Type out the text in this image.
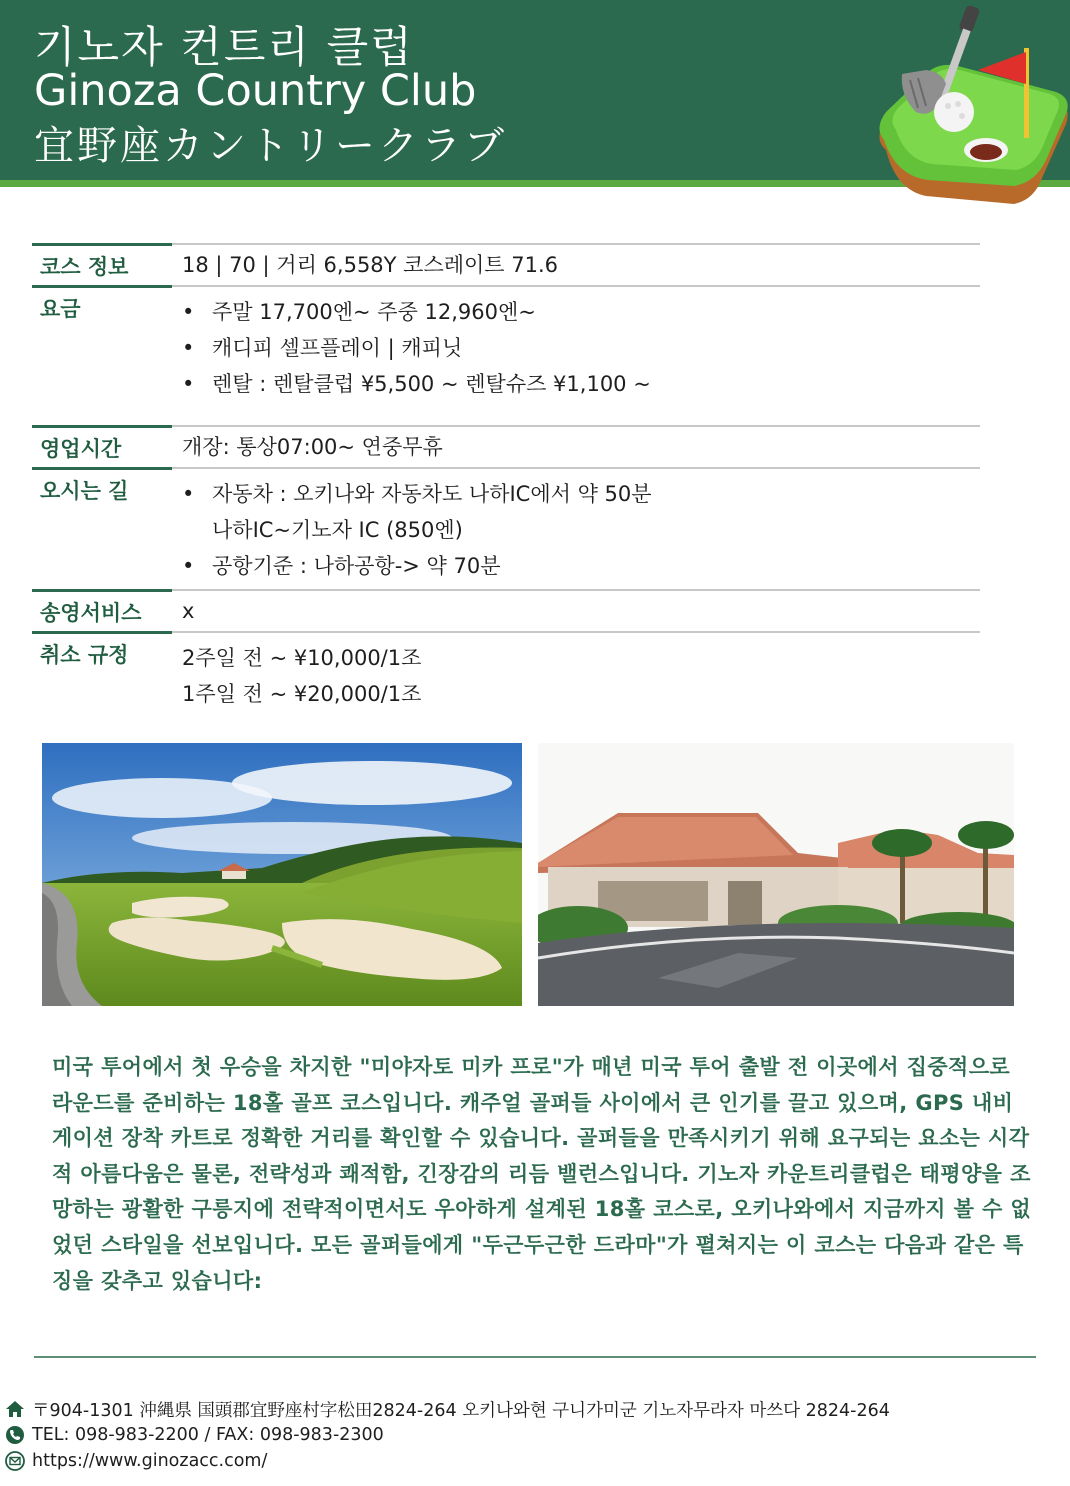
기노자 컨트리 클럽
Ginoza Country Club
宜野座カントリークラブ
코스 정보	18 | 70 | 거리 6,558Y 코스레이트 71.6
요금	• 주말 17,700엔~ 주중 12,960엔~
• 캐디피 셀프플레이 | 캐피닛
• 렌탈 : 렌탈클럽 ¥5,500 ~ 렌탈슈즈 ¥1,100 ~
영업시간	개장: 통상07:00~ 연중무휴
오시는 길	• 자동차 : 오키나와 자동차도 나하IC에서 약 50분
나하IC~기노자 IC (850엔)
• 공항기준 : 나하공항-> 약 70분
송영서비스	x
취소 규정	2주일 전 ~ ¥10,000/1조
1주일 전 ~ ¥20,000/1조
미국 투어에서 첫 우승을 차지한 "미야자토 미카 프로"가 매년 미국 투어 출발 전 이곳에서 집중적으로 라운드를 준비하는 18홀 골프 코스입니다. 캐주얼 골퍼들 사이에서 큰 인기를 끌고 있으며, GPS 내비게이션 장착 카트로 정확한 거리를 확인할 수 있습니다. 골퍼들을 만족시키기 위해 요구되는 요소는 시각적 아름다움은 물론, 전략성과 쾌적함, 긴장감의 리듬 밸런스입니다. 기노자 카운트리클럽은 태평양을 조망하는 광활한 구릉지에 전략적이면서도 우아하게 설계된 18홀 코스로, 오키나와에서 지금까지 볼 수 없었던 스타일을 선보입니다. 모든 골퍼들에게 "두근두근한 드라마"가 펼쳐지는 이 코스는 다음과 같은 특징을 갖추고 있습니다:
〒904-1301 沖縄県 国頭郡宜野座村字松田2824-264 오키나와현 구니가미군 기노자무라자 마쓰다 2824-264
TEL: 098-983-2200 / FAX: 098-983-2300
https://www.ginozacc.com/
